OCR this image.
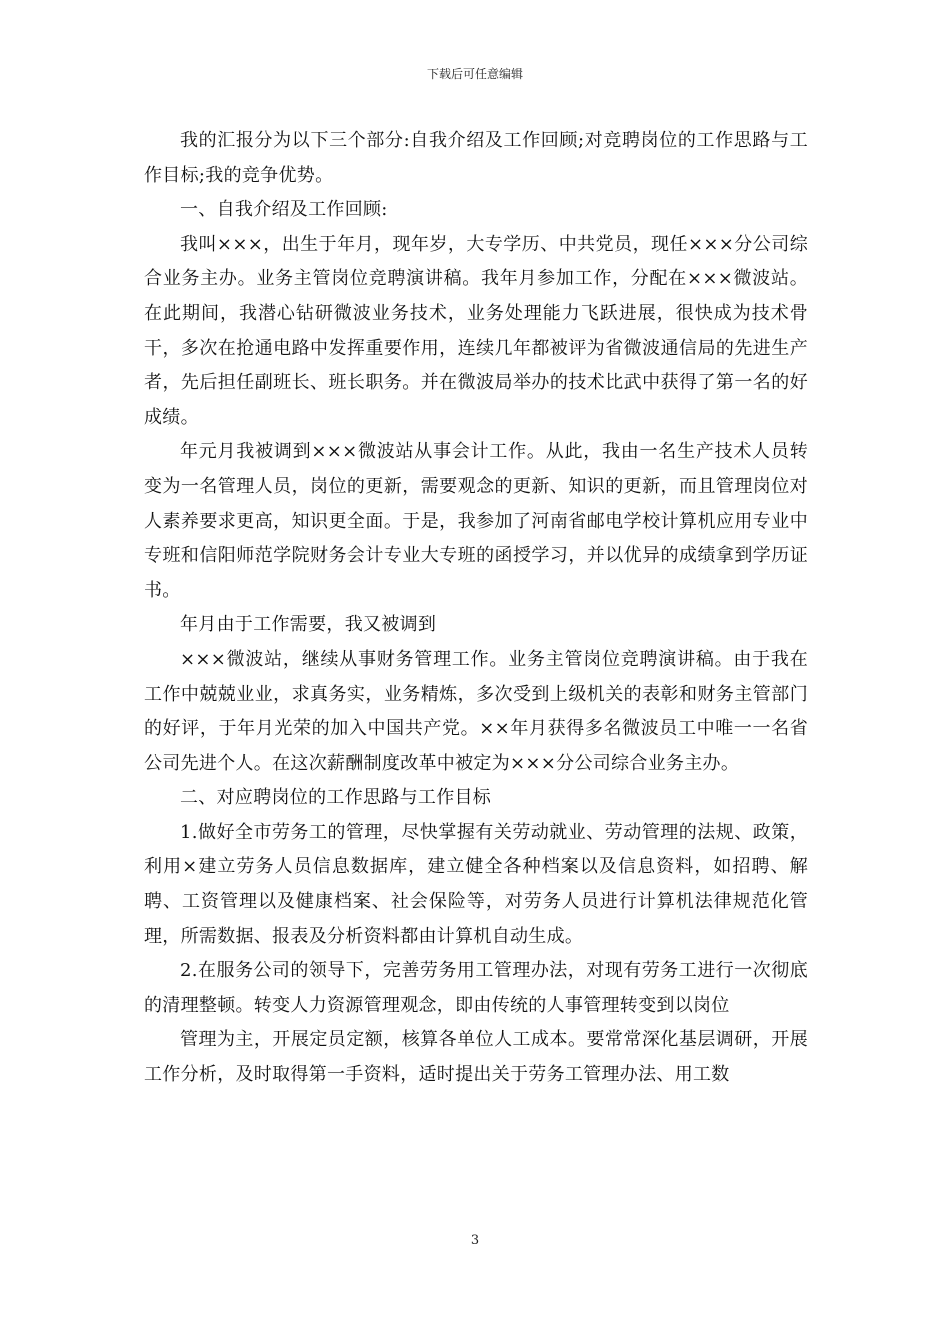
下载后可任意编辑

我的汇报分为以下三个部分:自我介绍及工作回顾;对竞聘岗位的工作思路与工作目标;我的竞争优势。

一、自我介绍及工作回顾:

我叫×××，出生于年月，现年岁，大专学历、中共党员，现任×××分公司综合业务主办。业务主管岗位竞聘演讲稿。我年月参加工作，分配在×××微波站。在此期间，我潜心钻研微波业务技术，业务处理能力飞跃进展，很快成为技术骨干，多次在抢通电路中发挥重要作用，连续几年都被评为省微波通信局的先进生产者，先后担任副班长、班长职务。并在微波局举办的技术比武中获得了第一名的好成绩。

年元月我被调到×××微波站从事会计工作。从此，我由一名生产技术人员转变为一名管理人员，岗位的更新，需要观念的更新、知识的更新，而且管理岗位对人素养要求更高，知识更全面。于是，我参加了河南省邮电学校计算机应用专业中专班和信阳师范学院财务会计专业大专班的函授学习，并以优异的成绩拿到学历证书。

年月由于工作需要，我又被调到

×××微波站，继续从事财务管理工作。业务主管岗位竞聘演讲稿。由于我在工作中兢兢业业，求真务实，业务精炼，多次受到上级机关的表彰和财务主管部门的好评，于年月光荣的加入中国共产党。××年月获得多名微波员工中唯一一名省公司先进个人。在这次薪酬制度改革中被定为×××分公司综合业务主办。

二、对应聘岗位的工作思路与工作目标

1.做好全市劳务工的管理，尽快掌握有关劳动就业、劳动管理的法规、政策，利用×建立劳务人员信息数据库，建立健全各种档案以及信息资料，如招聘、解聘、工资管理以及健康档案、社会保险等，对劳务人员进行计算机法律规范化管理，所需数据、报表及分析资料都由计算机自动生成。

2.在服务公司的领导下，完善劳务用工管理办法，对现有劳务工进行一次彻底的清理整顿。转变人力资源管理观念，即由传统的人事管理转变到以岗位

管理为主，开展定员定额，核算各单位人工成本。要常常深化基层调研，开展工作分析，及时取得第一手资料，适时提出关于劳务工管理办法、用工数

3
